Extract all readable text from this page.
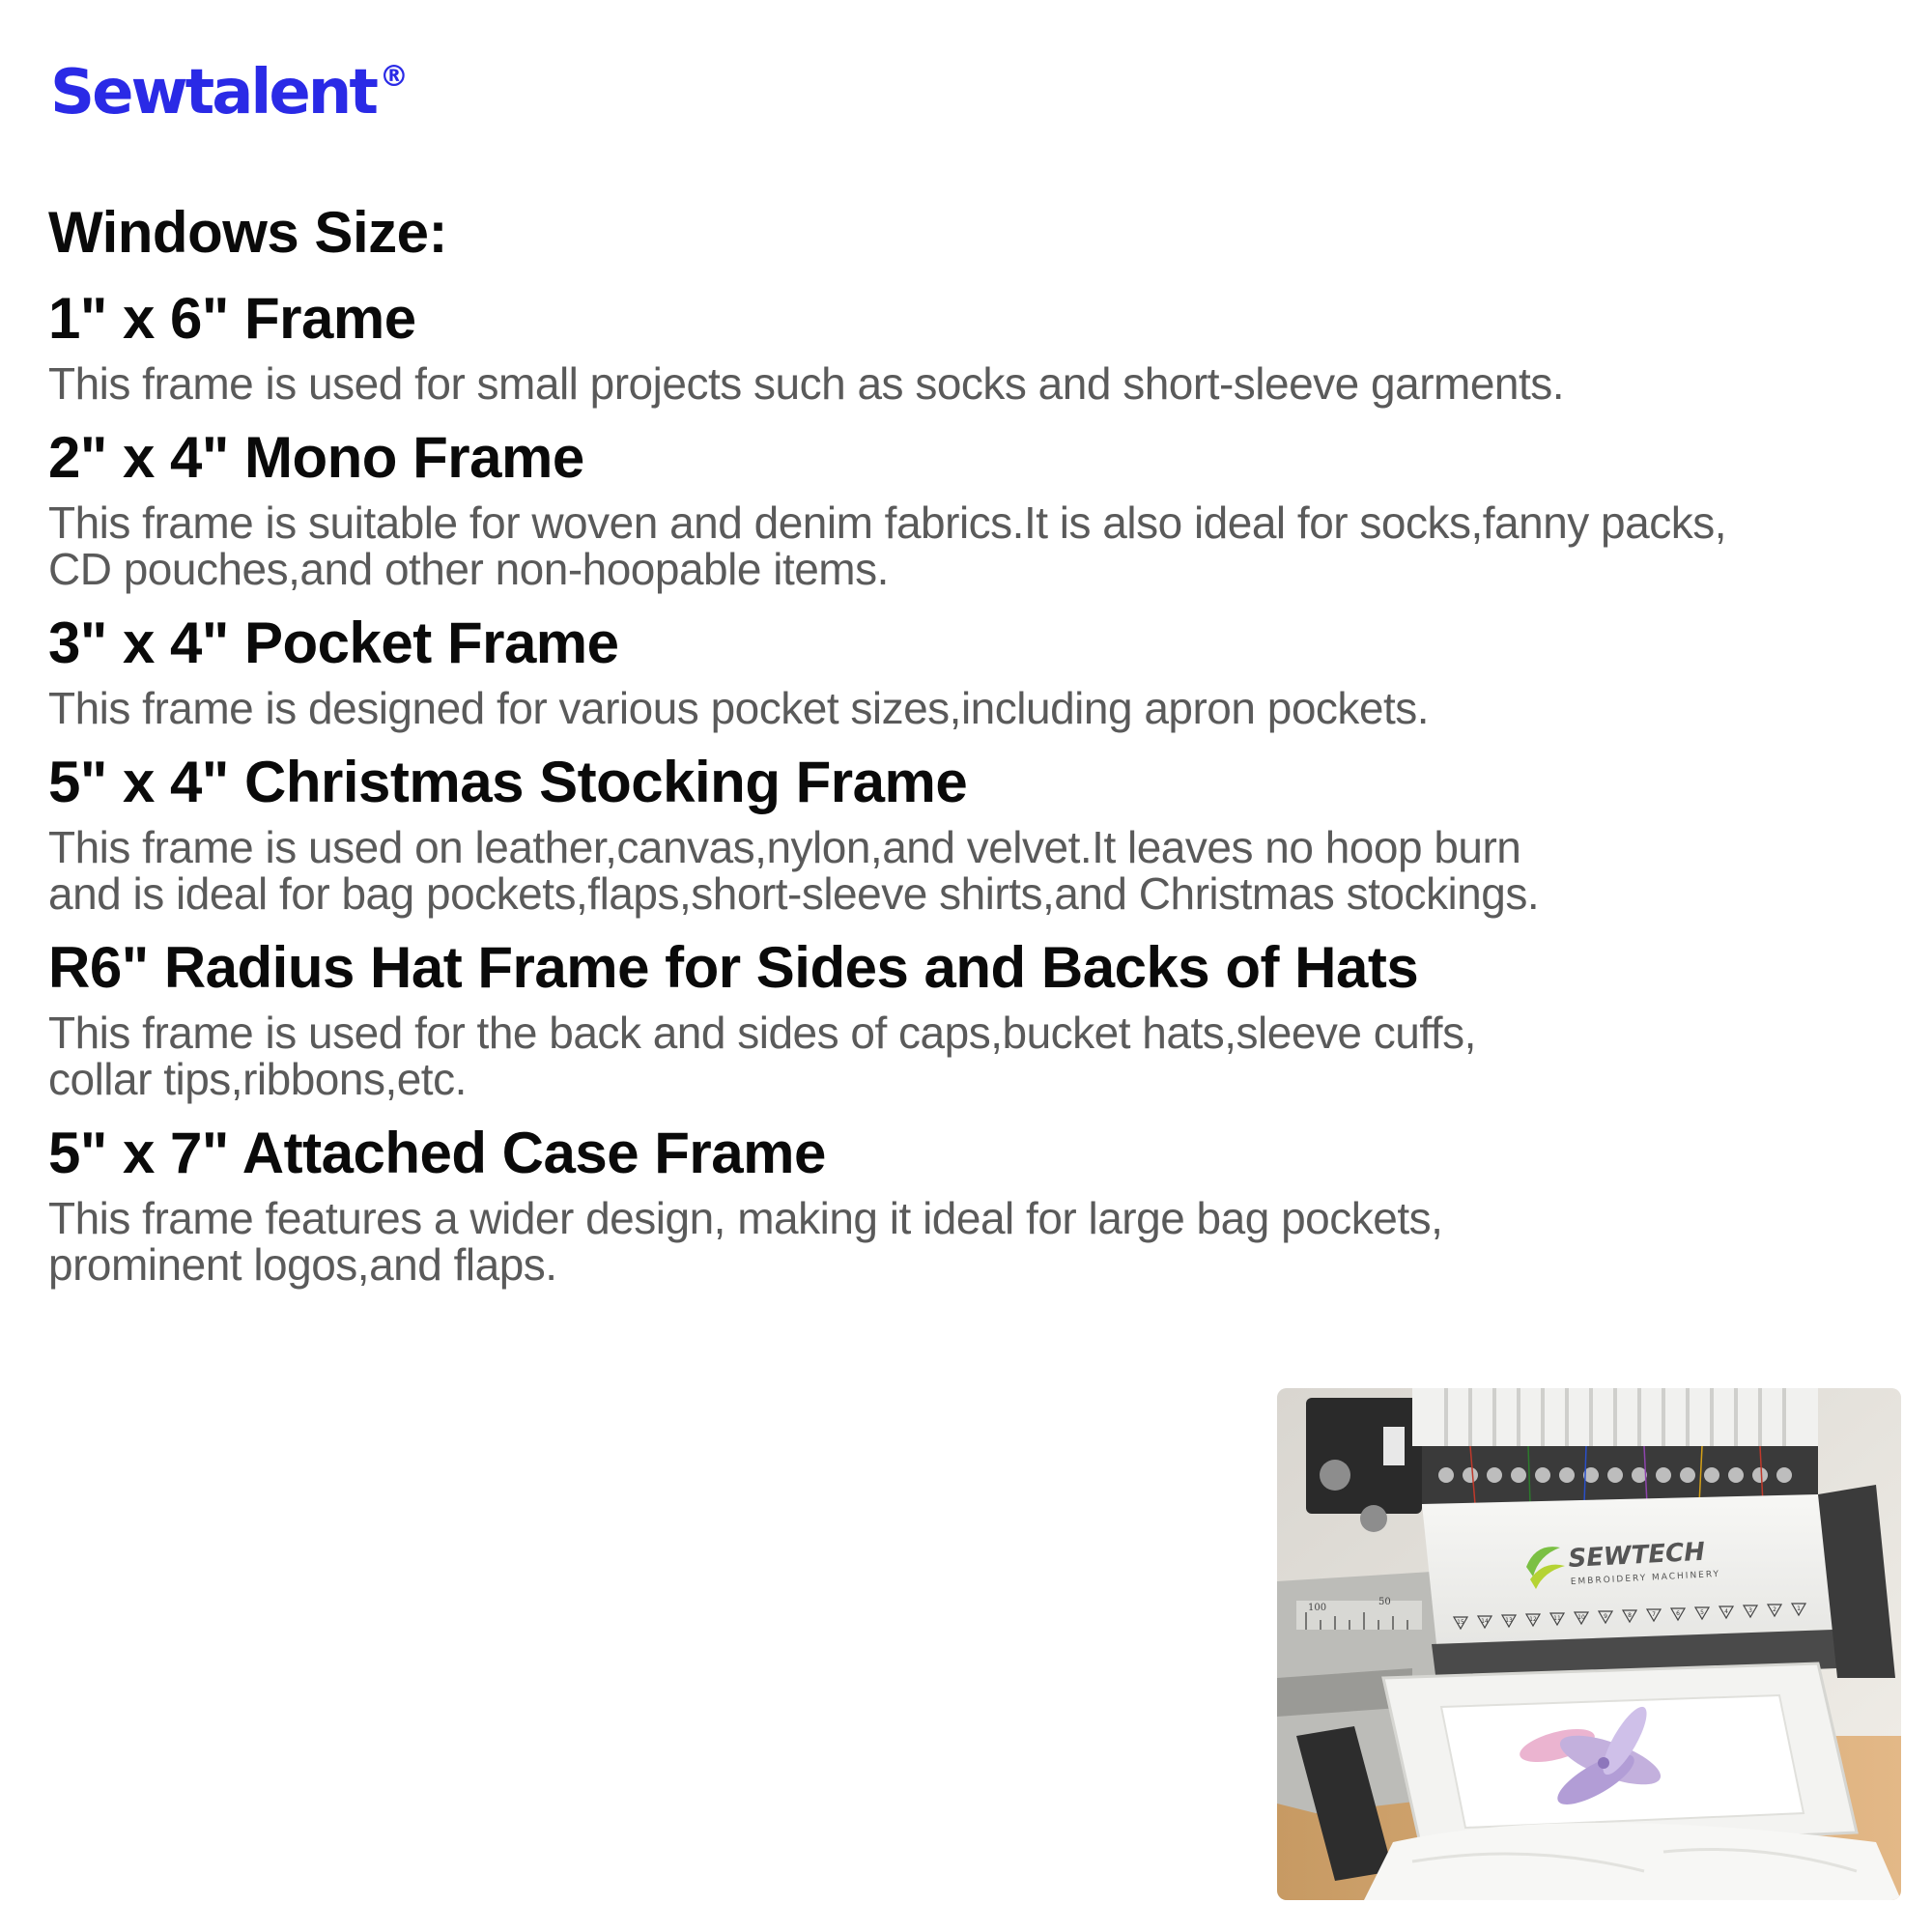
Sewtalent ®
Windows Size:
1" x 6" Frame

This frame is used for small projects such as socks and short-sleeve garments.

2" x 4" Mono Frame

This frame is suitable for woven and denim fabrics.It is also ideal for socks,fanny packs,
CD pouches,and other non-hoopable items.

3" x 4" Pocket Frame

This frame is designed for various pocket sizes,including apron pockets.

5" x 4" Christmas Stocking Frame

This frame is used on leather,canvas,nylon,and velvet.It leaves no hoop burn
and is ideal for bag pockets,flaps,short-sleeve shirts,and Christmas stockings.

R6" Radius Hat Frame for Sides and Backs of Hats

This frame is used for the back and sides of caps,bucket hats,sleeve cuffs,
collar tips,ribbons,etc.

5" x 7" Attached Case Frame

This frame features a wider design, making it ideal for large bag pockets,
prominent logos,and flaps.

100
50
SEWTECH
EMBROIDERY MACHINERY
15	14	13	12	11	10	9	8	7	6	5	4	3	2	1
